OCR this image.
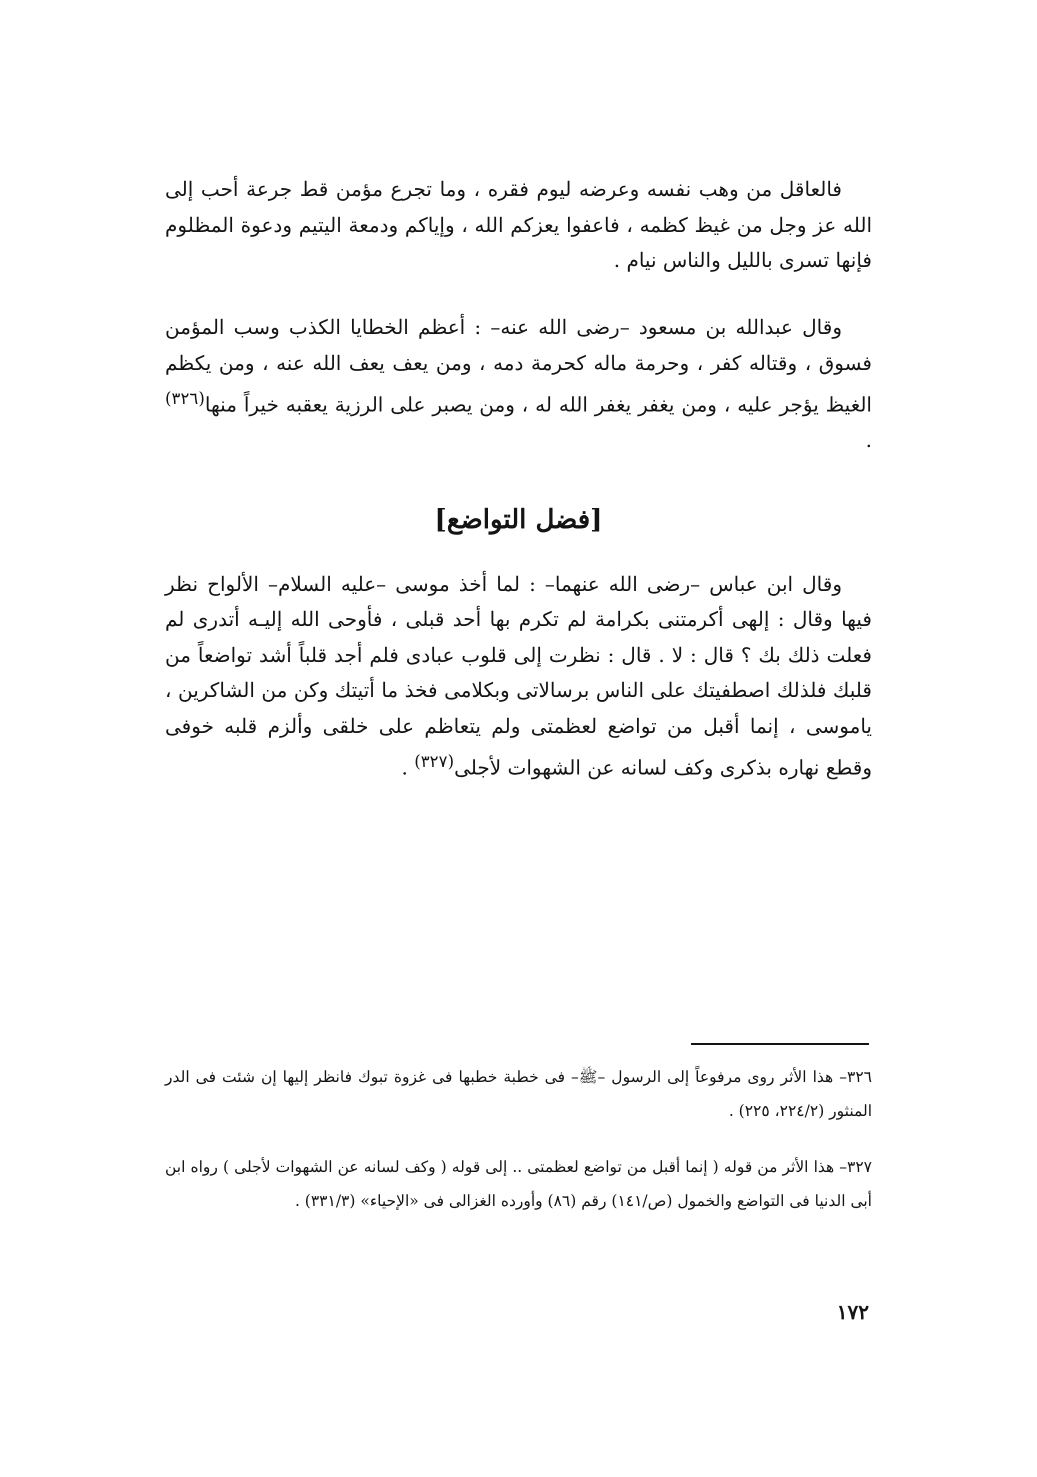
فالعاقل من وهب نفسه وعرضه ليوم فقره ، وما تجرع مؤمن قط جرعة أحب إلى الله عز وجل من غيظ كظمه ، فاعفوا يعزكم الله ، وإياكم ودمعة اليتيم ودعوة المظلوم فإنها تسرى بالليل والناس نيام .

وقال عبدالله بن مسعود –رضى الله عنه– : أعظم الخطايا الكذب وسب المؤمن فسوق ، وقتاله كفر ، وحرمة ماله كحرمة دمه ، ومن يعف يعف الله عنه ، ومن يكظم الغيظ يؤجر عليه ، ومن يغفر يغفر الله له ، ومن يصبر على الرزية يعقبه خيراً منها$^{(٣٢٦)}$ .

[فضل التواضع]

وقال ابن عباس –رضى الله عنهما– : لما أخذ موسى –عليه السلام– الألواح نظر فيها وقال : إلهى أكرمتنى بكرامة لم تكرم بها أحد قبلى ، فأوحى الله إليـه أتدرى لم فعلت ذلك بك ؟ قال : لا . قال : نظرت إلى قلوب عبادى فلم أجد قلباً أشد تواضعاً من قلبك فلذلك اصطفيتك على الناس برسالاتى وبكلامى فخذ ما أتيتك وكن من الشاكرين ، ياموسى ، إنما أقبل من تواضع لعظمتى ولم يتعاظم على خلقى وألزم قلبه خوفى وقطع نهاره بذكرى وكف لسانه عن الشهوات لأجلى$^{(٣٢٧)}$ .

٣٢٦– هذا الأثر روى مرفوعاً إلى الرسول –ﷺ– فى خطبة خطبها فى غزوة تبوك فانظر إليها إن شئت فى الدر المنثور (٢٢٤/٢، ٢٢٥) .

٣٢٧– هذا الأثر من قوله ( إنما أقبل من تواضع لعظمتى .. إلى قوله ( وكف لسانه عن الشهوات لأجلى ) رواه ابن أبى الدنيا فى التواضع والخمول (ص/١٤١) رقم (٨٦) وأورده الغزالى فى «الإحياء» (٣٣١/٣) .

١٧٢
